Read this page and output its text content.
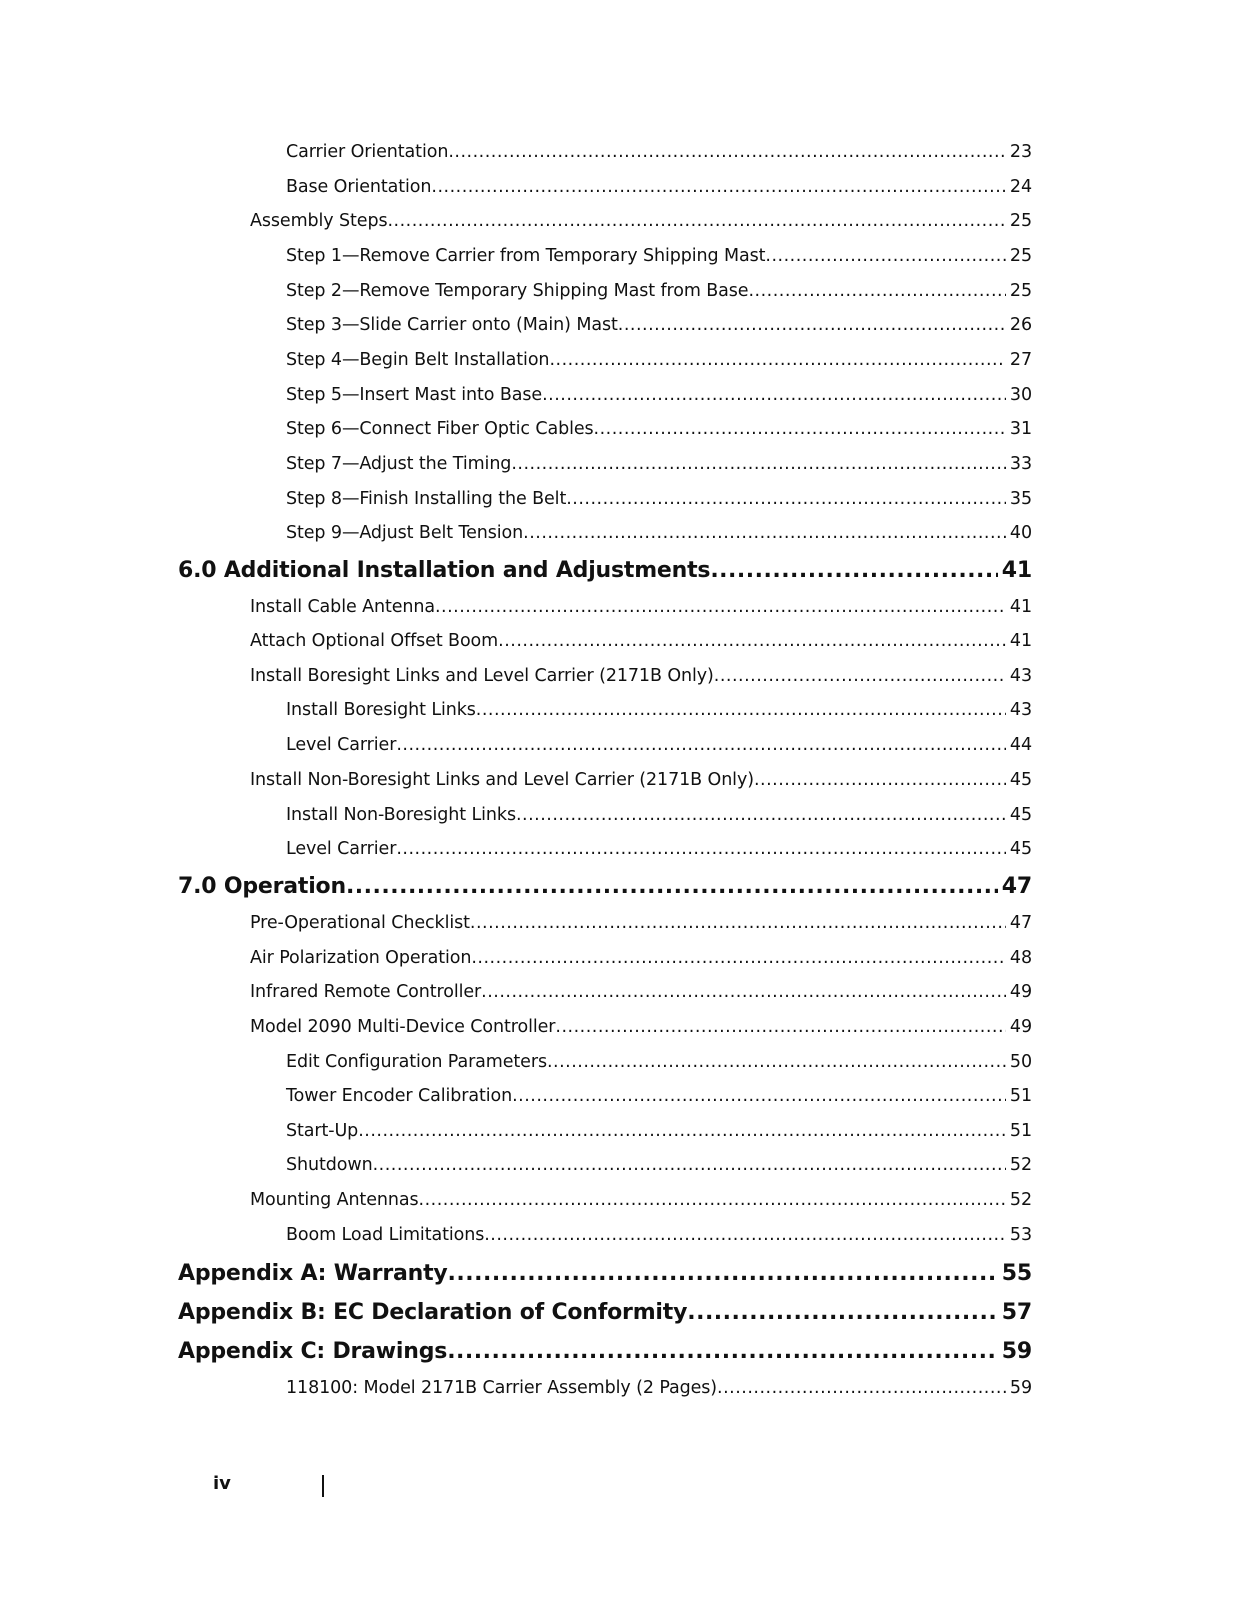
Carrier Orientation .....	23
Base Orientation .....	24
Assembly Steps .....	25
Step 1—Remove Carrier from Temporary Shipping Mast .....	25
Step 2—Remove Temporary Shipping Mast from Base .....	25
Step 3—Slide Carrier onto (Main) Mast .....	26
Step 4—Begin Belt Installation .....	27
Step 5—Insert Mast into Base .....	30
Step 6—Connect Fiber Optic Cables .....	31
Step 7—Adjust the Timing .....	33
Step 8—Finish Installing the Belt .....	35
Step 9—Adjust Belt Tension .....	40
6.0 Additional Installation and Adjustments .....	41
Install Cable Antenna .....	41
Attach Optional Offset Boom .....	41
Install Boresight Links and Level Carrier (2171B Only) .....	43
Install Boresight Links .....	43
Level Carrier .....	44
Install Non-Boresight Links and Level Carrier (2171B Only) .....	45
Install Non-Boresight Links .....	45
Level Carrier .....	45
7.0 Operation .....	47
Pre-Operational Checklist .....	47
Air Polarization Operation .....	48
Infrared Remote Controller .....	49
Model 2090 Multi-Device Controller .....	49
Edit Configuration Parameters .....	50
Tower Encoder Calibration .....	51
Start-Up .....	51
Shutdown .....	52
Mounting Antennas .....	52
Boom Load Limitations .....	53
Appendix A: Warranty .....	55
Appendix B: EC Declaration of Conformity .....	57
Appendix C: Drawings .....	59
118100: Model 2171B Carrier Assembly (2 Pages) .....	59
iv
